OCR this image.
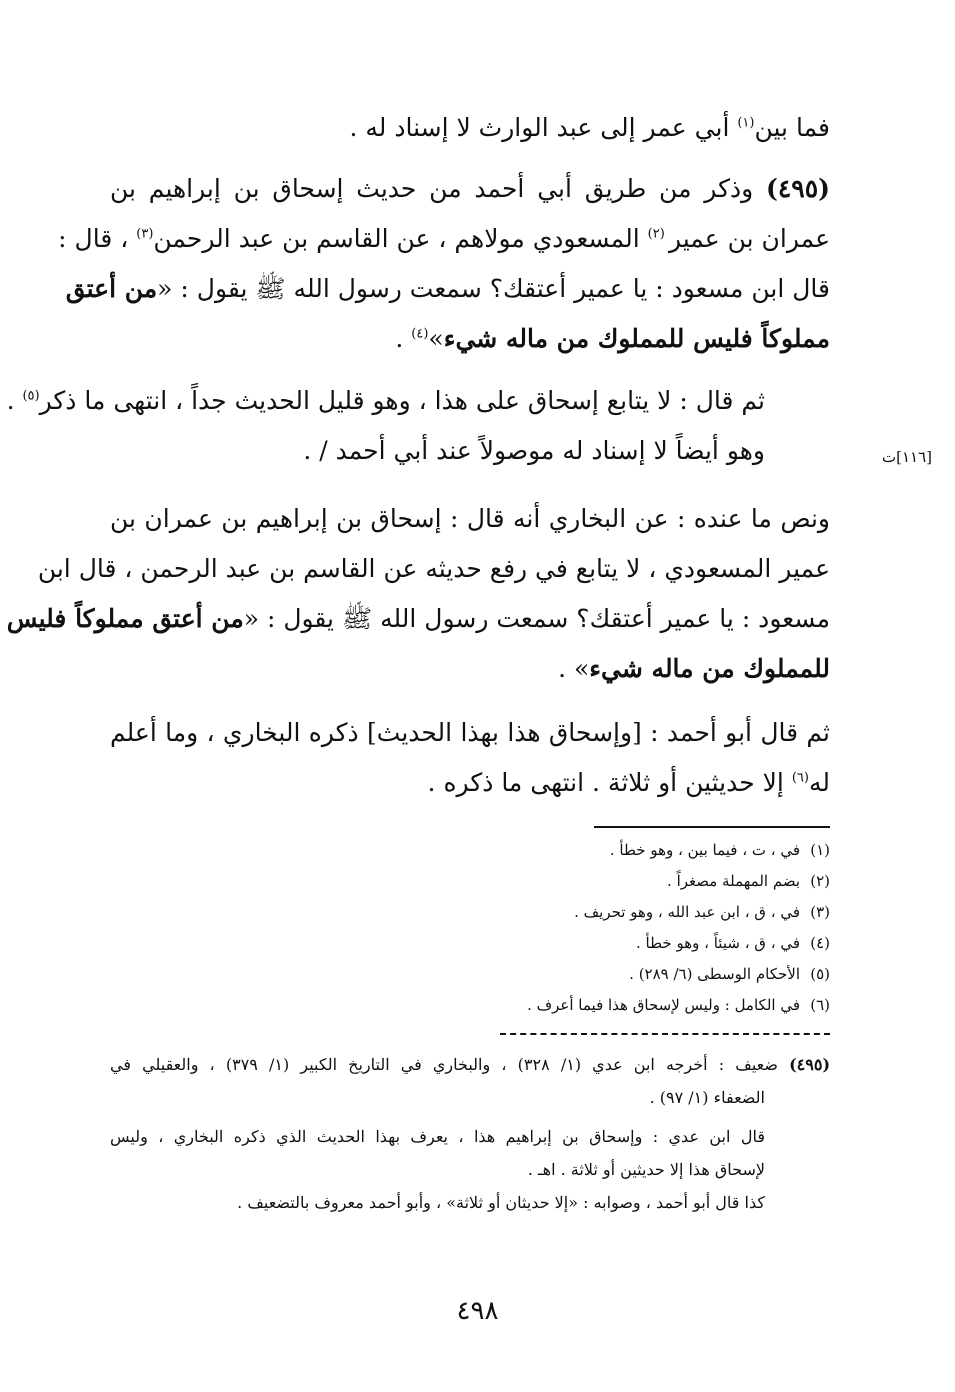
فما بين$^{(١)}$ أبي عمر إلى عبد الوارث لا إسناد له .
(٤٩٥) وذكر من طريق أبي أحمد من حديث إسحاق بن إبراهيم بن
عمران بن عمير $^{(٢)}$ المسعودي مولاهم ، عن القاسم بن عبد الرحمن$^{(٣)}$ ، قال :
قال ابن مسعود : يا عمير أعتقك؟ سمعت رسول الله ﷺ يقول : «من أعتق
مملوكاً فليس للمملوك من ماله شيء»$^{(٤)}$ .
ثم قال : لا يتابع إسحاق على هذا ، وهو قليل الحديث جداً ، انتهى ما ذكر$^{(٥)}$ .
وهو أيضاً لا إسناد له موصولاً عند أبي أحمد / .	[١١٦]ت
ونص ما عنده : عن البخاري أنه قال : إسحاق بن إبراهيم بن عمران بن
عمير المسعودي ، لا يتابع في رفع حديثه عن القاسم بن عبد الرحمن ، قال ابن
مسعود : يا عمير أعتقك؟ سمعت رسول الله ﷺ يقول : «من أعتق مملوكاً فليس
للمملوك من ماله شيء» .
ثم قال أبو أحمد : [وإسحاق هذا بهذا الحديث] ذكره البخاري ، وما أعلم
له$^{(٦)}$ إلا حديثين أو ثلاثة . انتهى ما ذكره .
(١)في ، ت ، فيما بين ، وهو خطأ .
(٢)بضم المهملة مصغراً .
(٣)في ، ق ، ابن عبد الله ، وهو تحريف .
(٤)في ، ق ، شيئاً ، وهو خطأ .
(٥)الأحكام الوسطى (٦/ ٢٨٩) .
(٦)في الكامل : وليس لإسحاق هذا فيما أعرف .
(٤٩٥) ضعيف : أخرجه ابن عدي (١/ ٣٢٨) ، والبخاري في التاريخ الكبير (١/ ٣٧٩) ، والعقيلي في
الضعفاء (١/ ٩٧) .
قال ابن عدي : وإسحاق بن إبراهيم هذا ، يعرف بهذا الحديث الذي ذكره البخاري ، وليس
لإسحاق هذا إلا حديثين أو ثلاثة . اهـ .
كذا قال أبو أحمد ، وصوابه : «إلا حديثان أو ثلاثة» ، وأبو أحمد معروف بالتضعيف .
٤٩٨
